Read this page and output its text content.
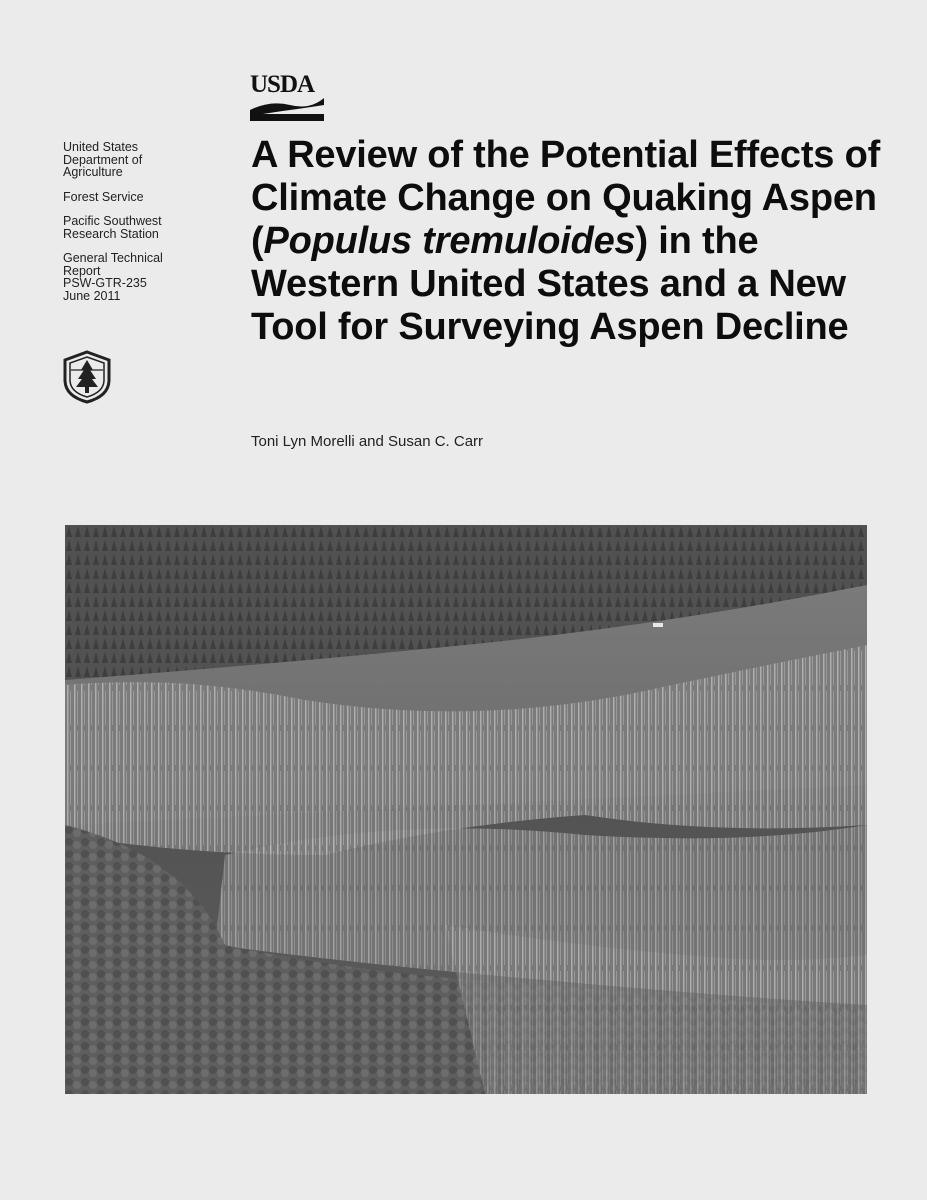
USDA
United States
Department of
Agriculture
Forest Service
Pacific Southwest
Research Station
General Technical
Report
PSW-GTR-235
June 2011
A Review of the Potential Effects of Climate Change on Quaking Aspen (Populus tremuloides) in the Western United States and a New Tool for Surveying Aspen Decline
Toni Lyn Morelli and Susan C. Carr
